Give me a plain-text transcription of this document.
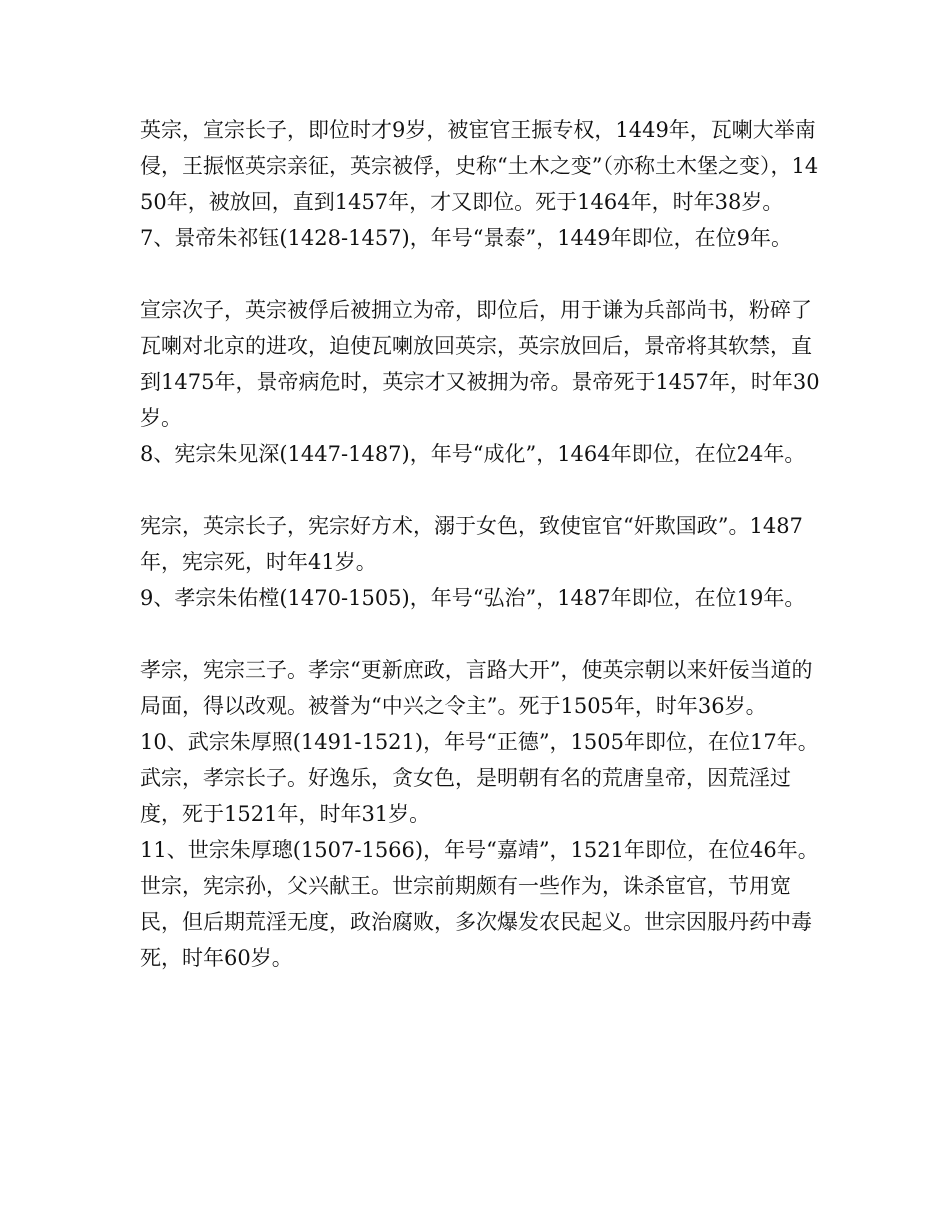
英宗，宣宗长子，即位时才9岁，被宦官王振专权，1449年，瓦喇大举南侵，王振怄英宗亲征，英宗被俘，史称“土木之变”（亦称土木堡之变），1450年，被放回，直到1457年，才又即位。死于1464年，时年38岁。

7、景帝朱祁钰(1428-1457)，年号“景泰”，1449年即位，在位9年。

宣宗次子，英宗被俘后被拥立为帝，即位后，用于谦为兵部尚书，粉碎了瓦喇对北京的进攻，迫使瓦喇放回英宗，英宗放回后，景帝将其软禁，直到1475年，景帝病危时，英宗才又被拥为帝。景帝死于1457年，时年30岁。

8、宪宗朱见深(1447-1487)，年号“成化”，1464年即位，在位24年。

宪宗，英宗长子，宪宗好方术，溺于女色，致使宦官“奸欺国政”。1487年，宪宗死，时年41岁。

9、孝宗朱佑樘(1470-1505)，年号“弘治”，1487年即位，在位19年。

孝宗，宪宗三子。孝宗“更新庶政，言路大开”，使英宗朝以来奸佞当道的局面，得以改观。被誉为“中兴之令主”。死于1505年，时年36岁。

10、武宗朱厚照(1491-1521)，年号“正德”，1505年即位，在位17年。

武宗，孝宗长子。好逸乐，贪女色，是明朝有名的荒唐皇帝，因荒淫过度，死于1521年，时年31岁。

11、世宗朱厚璁(1507-1566)，年号“嘉靖”，1521年即位，在位46年。

世宗，宪宗孙，父兴献王。世宗前期颇有一些作为，诛杀宦官，节用宽民，但后期荒淫无度，政治腐败，多次爆发农民起义。世宗因服丹药中毒死，时年60岁。
